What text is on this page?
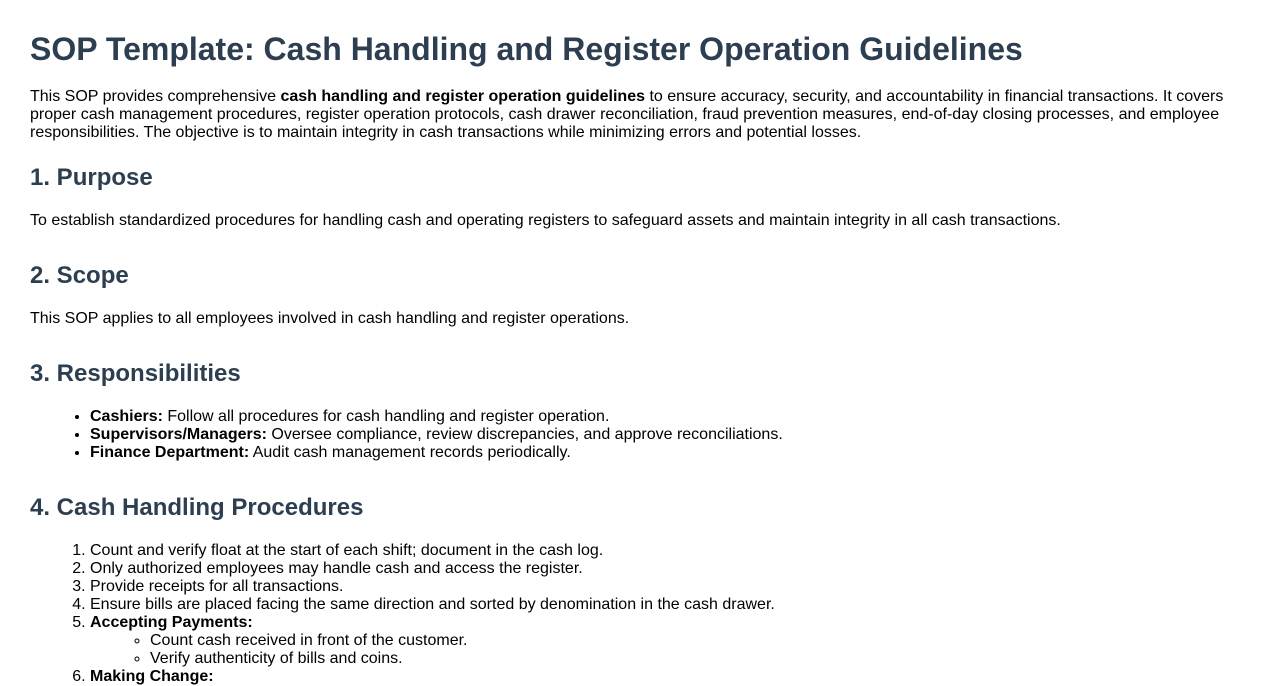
SOP Template: Cash Handling and Register Operation Guidelines

This SOP provides comprehensive cash handling and register operation guidelines to ensure accuracy, security, and accountability in financial transactions. It covers proper cash management procedures, register operation protocols, cash drawer reconciliation, fraud prevention measures, end-of-day closing processes, and employee responsibilities. The objective is to maintain integrity in cash transactions while minimizing errors and potential losses.

1. Purpose

To establish standardized procedures for handling cash and operating registers to safeguard assets and maintain integrity in all cash transactions.

2. Scope

This SOP applies to all employees involved in cash handling and register operations.

3. Responsibilities
• Cashiers: Follow all procedures for cash handling and register operation.
• Supervisors/Managers: Oversee compliance, review discrepancies, and approve reconciliations.
• Finance Department: Audit cash management records periodically.
4. Cash Handling Procedures
1. Count and verify float at the start of each shift; document in the cash log.
2. Only authorized employees may handle cash and access the register.
3. Provide receipts for all transactions.
4. Ensure bills are placed facing the same direction and sorted by denomination in the cash drawer.
5. Accepting Payments:
◦ Count cash received in front of the customer.
◦ Verify authenticity of bills and coins.
6. Making Change:
